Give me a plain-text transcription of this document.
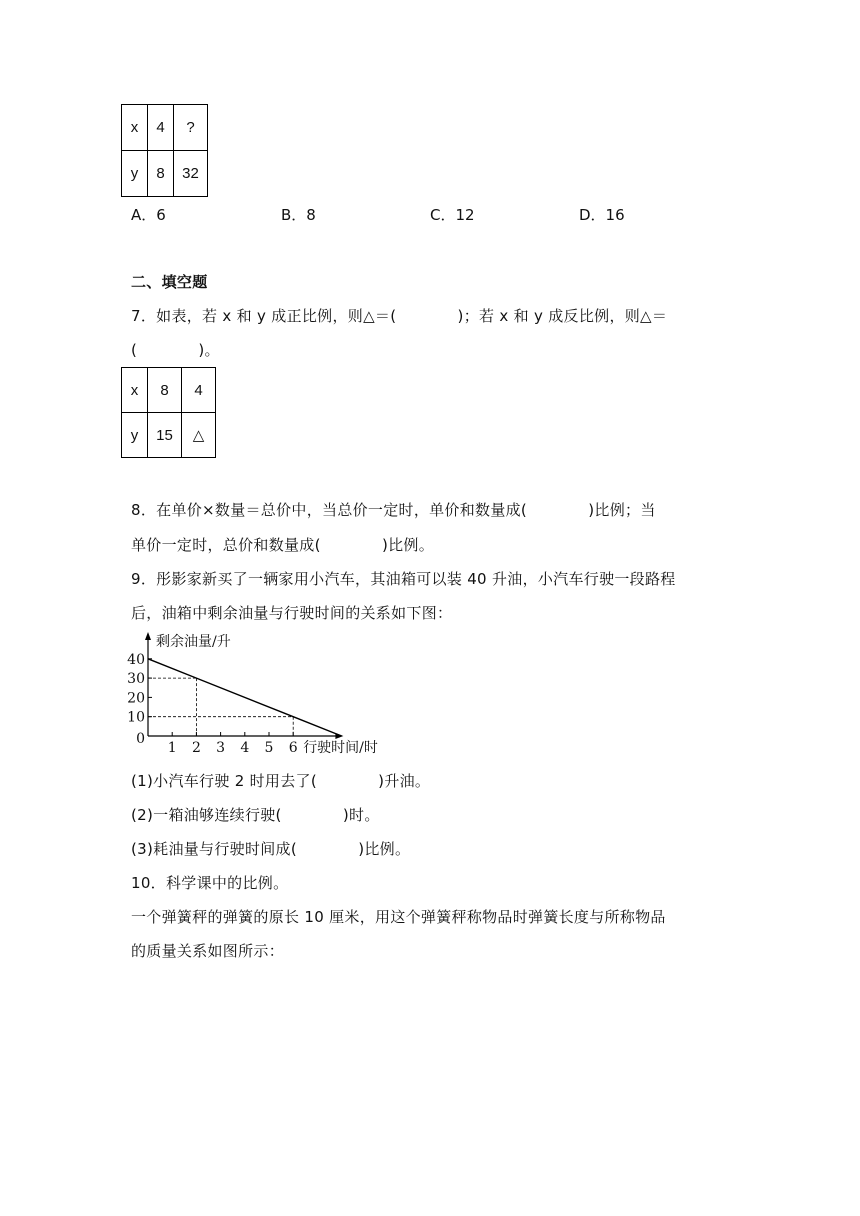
x	4	?
y	8	32
A．6	B．8	C．12	D．16
二、填空题
7．如表，若 x 和 y 成正比例，则△＝(　　　　)；若 x 和 y 成反比例，则△＝
(　　　　)。
x	8	4
y	15	△
8．在单价×数量＝总价中，当总价一定时，单价和数量成(　　　　)比例；当
单价一定时，总价和数量成(　　　　)比例。
9．彤影家新买了一辆家用小汽车，其油箱可以装 40 升油，小汽车行驶一段路程
后，油箱中剩余油量与行驶时间的关系如下图：
剩余油量/升
行驶时间/时
1 2 3 4 5 6
0
10
20
30
40
(1)小汽车行驶 2 时用去了(　　　　)升油。
(2)一箱油够连续行驶(　　　　)时。
(3)耗油量与行驶时间成(　　　　)比例。
10．科学课中的比例。
一个弹簧秤的弹簧的原长 10 厘米，用这个弹簧秤称物品时弹簧长度与所称物品
的质量关系如图所示：
